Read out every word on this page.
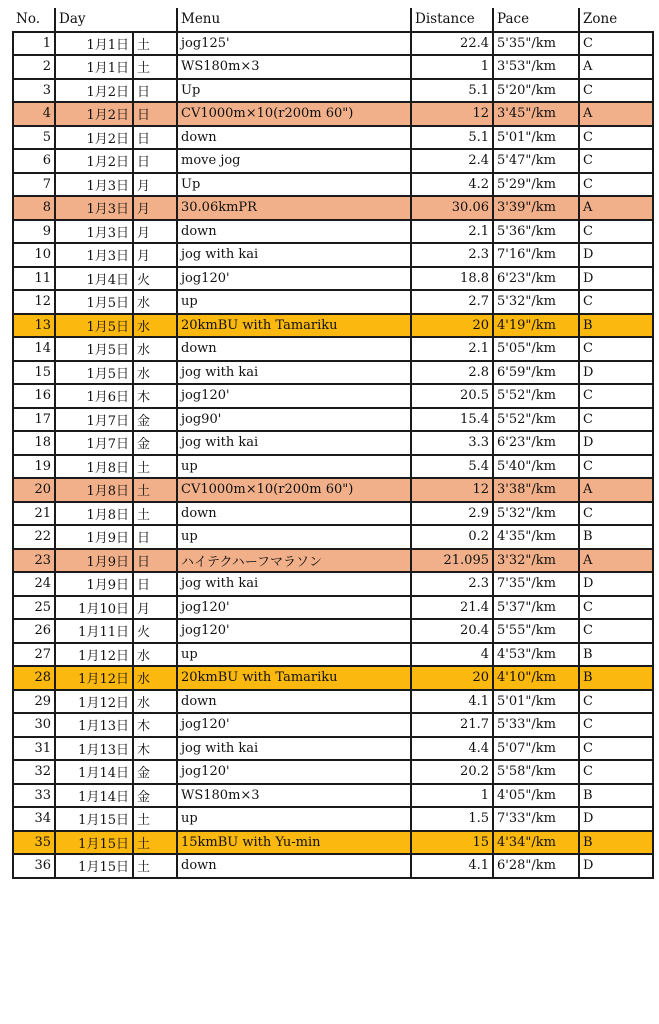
No.	Day		Menu	Distance	Pace	Zone

1	1月1日	土	jog125'	22.4	5'35"/km	C
2	1月1日	土	WS180m×3	1	3'53"/km	A
3	1月2日	日	Up	5.1	5'20"/km	C
4	1月2日	日	CV1000m×10(r200m 60")	12	3'45"/km	A
5	1月2日	日	down	5.1	5'01"/km	C
6	1月2日	日	move jog	2.4	5'47"/km	C
7	1月3日	月	Up	4.2	5'29"/km	C
8	1月3日	月	30.06kmPR	30.06	3'39"/km	A
9	1月3日	月	down	2.1	5'36"/km	C
10	1月3日	月	jog with kai	2.3	7'16"/km	D
11	1月4日	火	jog120'	18.8	6'23"/km	D
12	1月5日	水	up	2.7	5'32"/km	C
13	1月5日	水	20kmBU with Tamariku	20	4'19"/km	B
14	1月5日	水	down	2.1	5'05"/km	C
15	1月5日	水	jog with kai	2.8	6'59"/km	D
16	1月6日	木	jog120'	20.5	5'52"/km	C
17	1月7日	金	jog90'	15.4	5'52"/km	C
18	1月7日	金	jog with kai	3.3	6'23"/km	D
19	1月8日	土	up	5.4	5'40"/km	C
20	1月8日	土	CV1000m×10(r200m 60")	12	3'38"/km	A
21	1月8日	土	down	2.9	5'32"/km	C
22	1月9日	日	up	0.2	4'35"/km	B
23	1月9日	日	ハイテクハーフマラソン	21.095	3'32"/km	A
24	1月9日	日	jog with kai	2.3	7'35"/km	D
25	1月10日	月	jog120'	21.4	5'37"/km	C
26	1月11日	火	jog120'	20.4	5'55"/km	C
27	1月12日	水	up	4	4'53"/km	B
28	1月12日	水	20kmBU with Tamariku	20	4'10"/km	B
29	1月12日	水	down	4.1	5'01"/km	C
30	1月13日	木	jog120'	21.7	5'33"/km	C
31	1月13日	木	jog with kai	4.4	5'07"/km	C
32	1月14日	金	jog120'	20.2	5'58"/km	C
33	1月14日	金	WS180m×3	1	4'05"/km	B
34	1月15日	土	up	1.5	7'33"/km	D
35	1月15日	土	15kmBU with Yu-min	15	4'34"/km	B
36	1月15日	土	down	4.1	6'28"/km	D
